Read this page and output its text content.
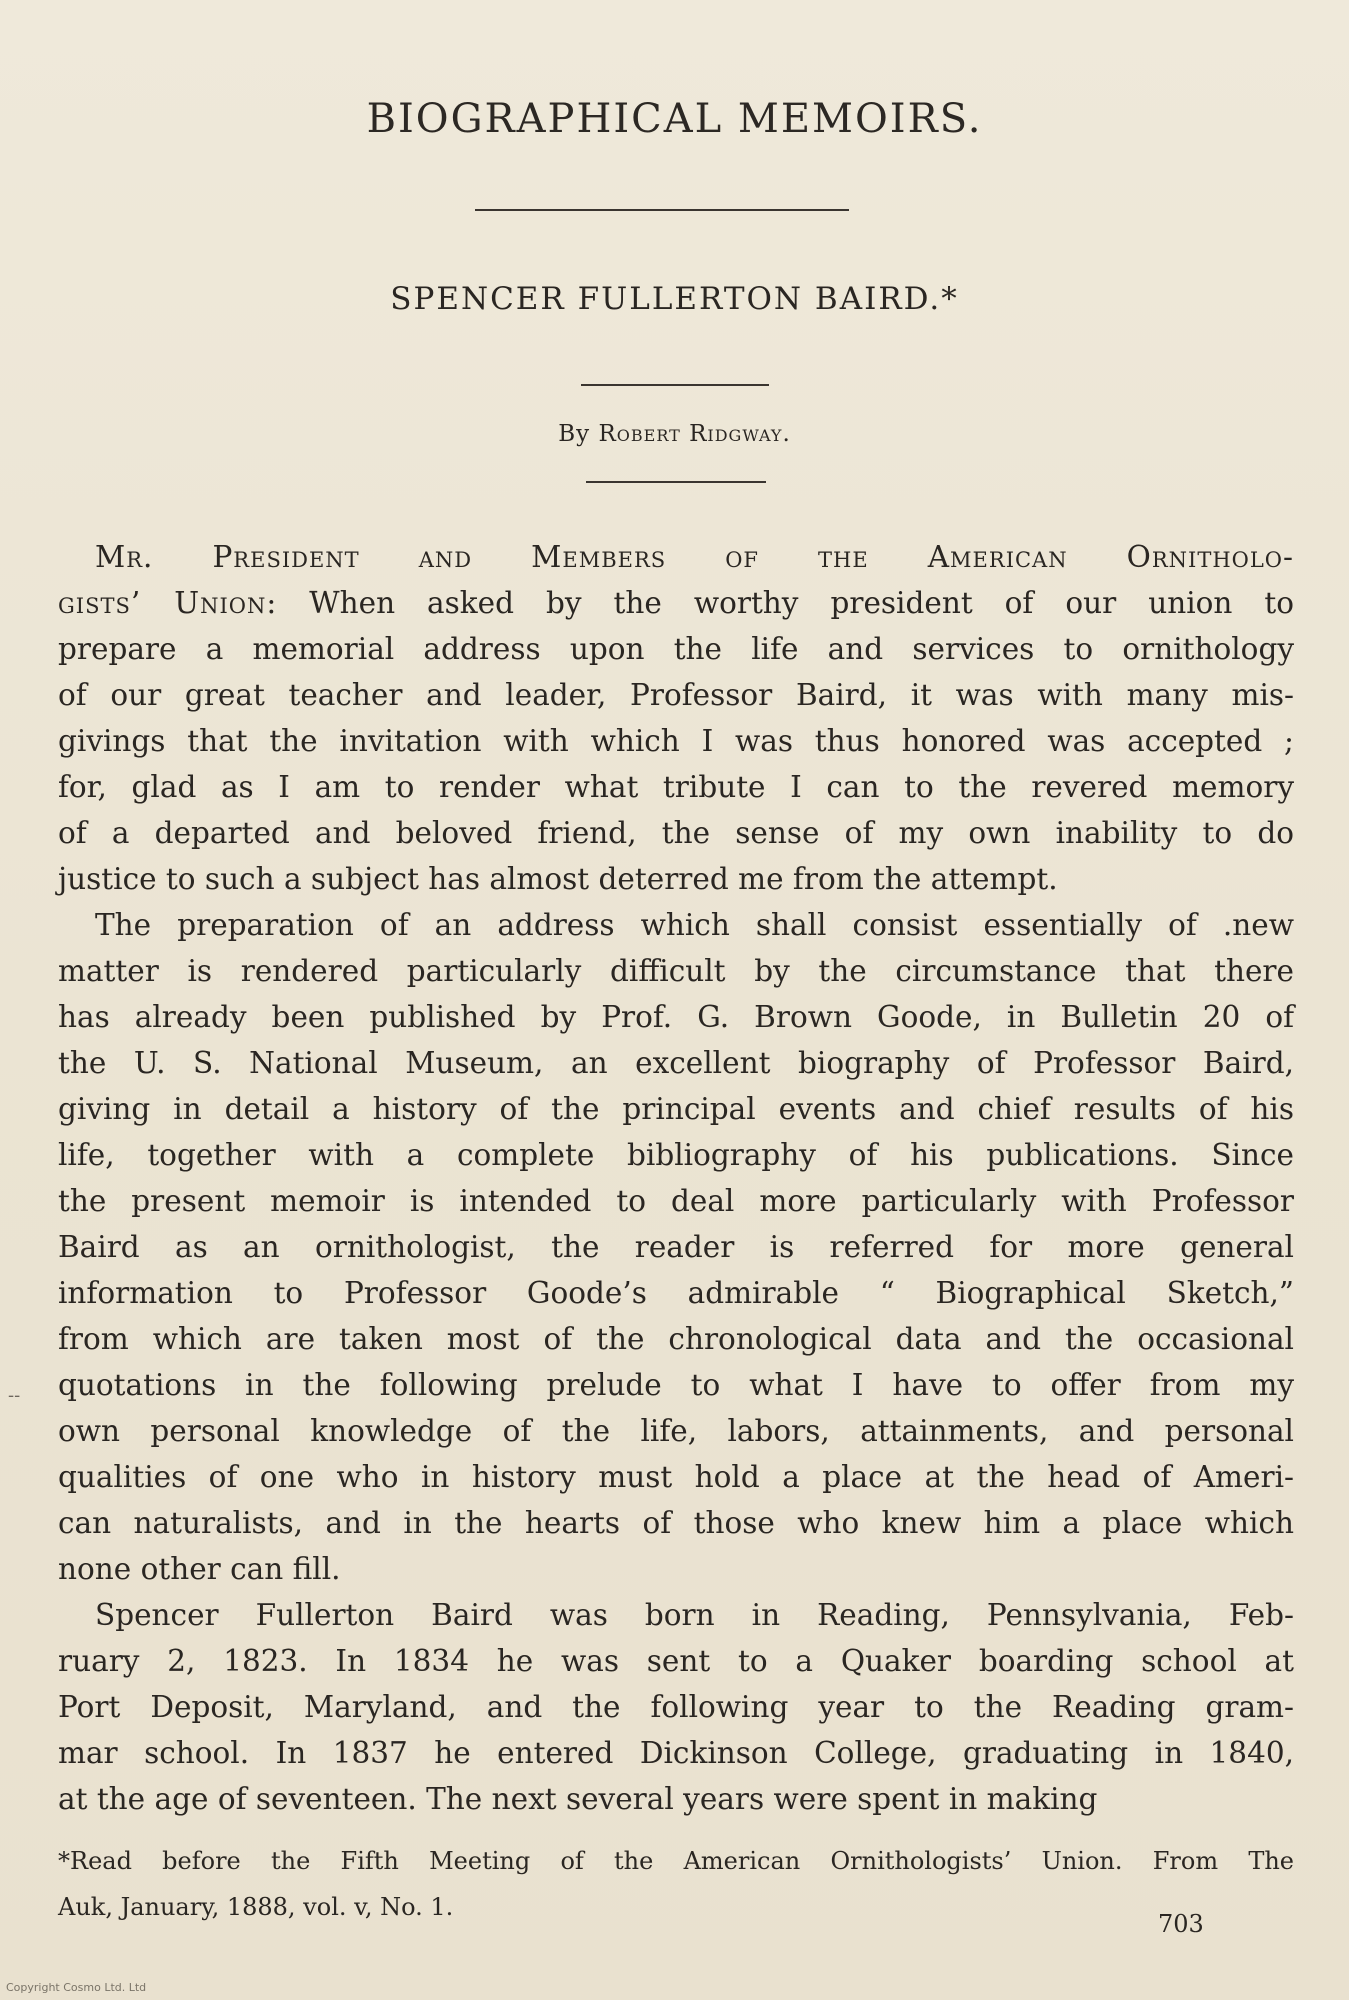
BIOGRAPHICAL MEMOIRS.
SPENCER FULLERTON BAIRD.*
By Robert Ridgway.
Mr. President and Members of the American Ornitholo-
gists’ Union: When asked by the worthy president of our union to
prepare a memorial address upon the life and services to ornithology
of our great teacher and leader, Professor Baird, it was with many mis-
givings that the invitation with which I was thus honored was accepted ;
for, glad as I am to render what tribute I can to the revered memory
of a departed and beloved friend, the sense of my own inability to do
justice to such a subject has almost deterred me from the attempt.
The preparation of an address which shall consist essentially of .new
matter is rendered particularly difficult by the circumstance that there
has already been published by Prof. G. Brown Goode, in Bulletin 20 of
the U. S. National Museum, an excellent biography of Professor Baird,
giving in detail a history of the principal events and chief results of his
life, together with a complete bibliography of his publications. Since
the present memoir is intended to deal more particularly with Professor
Baird as an ornithologist, the reader is referred for more general
information to Professor Goode’s admirable “ Biographical Sketch,”
from which are taken most of the chronological data and the occasional
quotations in the following prelude to what I have to offer from my
own personal knowledge of the life, labors, attainments, and personal
qualities of one who in history must hold a place at the head of Ameri-
can naturalists, and in the hearts of those who knew him a place which
none other can fill.
Spencer Fullerton Baird was born in Reading, Pennsylvania, Feb-
ruary 2, 1823. In 1834 he was sent to a Quaker boarding school at
Port Deposit, Maryland, and the following year to the Reading gram-
mar school. In 1837 he entered Dickinson College, graduating in 1840,
at the age of seventeen. The next several years were spent in making
*Read before the Fifth Meeting of the American Ornithologists’ Union. From The
Auk, January, 1888, vol. v, No. 1.
703
--
Copyright Cosmo Ltd. Ltd
